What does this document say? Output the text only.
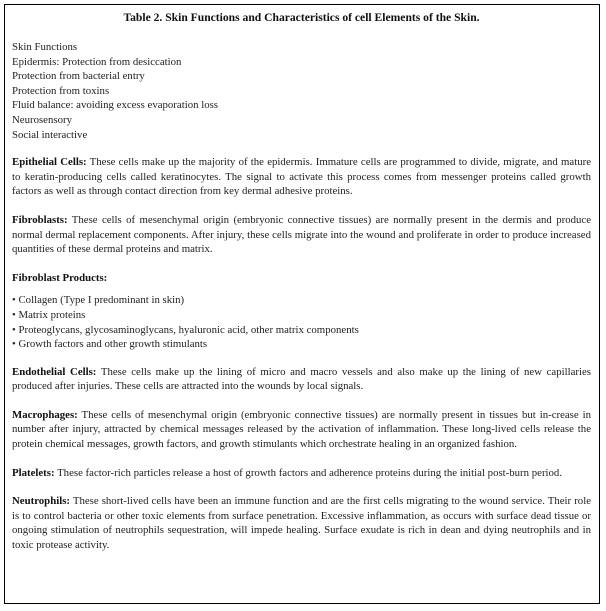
Table 2. Skin Functions and Characteristics of cell Elements of the Skin.
Skin Functions
Epidermis: Protection from desiccation
Protection from bacterial entry
Protection from toxins
Fluid balance: avoiding excess evaporation loss
Neurosensory
Social interactive

Epithelial Cells: These cells make up the majority of the epidermis. Immature cells are programmed to divide, migrate, and mature to keratin-producing cells called keratinocytes. The signal to activate this process comes from messenger proteins called growth factors as well as through contact direction from key dermal adhesive proteins.

Fibroblasts: These cells of mesenchymal origin (embryonic connective tissues) are normally present in the dermis and produce normal dermal replacement components. After injury, these cells migrate into the wound and proliferate in order to produce increased quantities of these dermal proteins and matrix.

Fibroblast Products:
• Collagen (Type I predominant in skin)
• Matrix proteins
• Proteoglycans, glycosaminoglycans, hyaluronic acid, other matrix components
• Growth factors and other growth stimulants

Endothelial Cells: These cells make up the lining of micro and macro vessels and also make up the lining of new capillaries produced after injuries. These cells are attracted into the wounds by local signals.

Macrophages: These cells of mesenchymal origin (embryonic connective tissues) are normally present in tissues but in-crease in number after injury, attracted by chemical messages released by the activation of inflammation. These long-lived cells release the protein chemical messages, growth factors, and growth stimulants which orchestrate healing in an organized fashion.

Platelets: These factor-rich particles release a host of growth factors and adherence proteins during the initial post-burn period.

Neutrophils: These short-lived cells have been an immune function and are the first cells migrating to the wound service. Their role is to control bacteria or other toxic elements from surface penetration. Excessive inflammation, as occurs with surface dead tissue or ongoing stimulation of neutrophils sequestration, will impede healing. Surface exudate is rich in dean and dying neutrophils and in toxic protease activity.
